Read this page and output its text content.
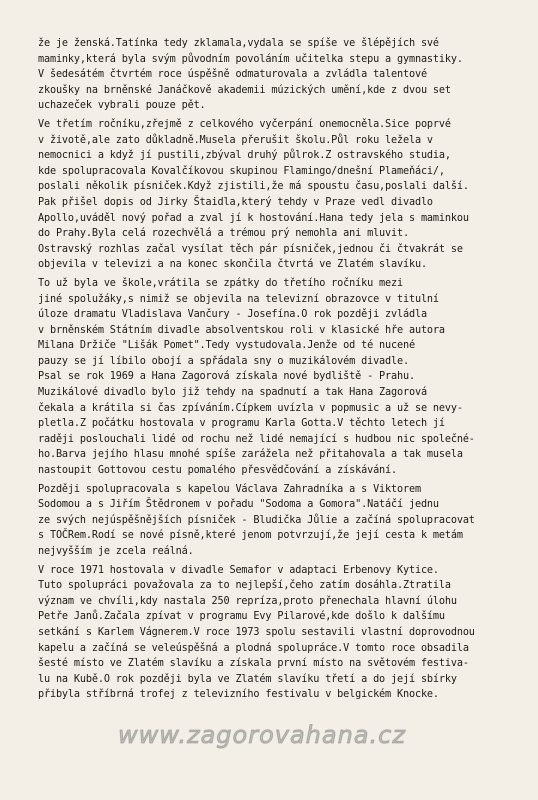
že je ženská.Tatínka tedy zklamala,vydala se spíše ve šlépějích své
maminky,která byla svým původním povoláním učitelka stepu a gymnastiky.
V šedesátém čtvrtém roce úspěšně odmaturovala a zvládla talentové
zkoušky na brněnské Janáčkově akademii múzických umění,kde z dvou set
uchazeček vybrali pouze pět.
Ve třetím ročníku,zřejmě z celkového vyčerpání onemocněla.Sice poprvé
v životě,ale zato důkladně.Musela přerušit školu.Půl roku ležela v
nemocnici a když jí pustili,zbýval druhý půlrok.Z ostravského studia,
kde spolupracovala Kovalčíkovou skupinou Flamingo/dnešní Plameňáci/,
poslali několik písniček.Když zjistili,že má spoustu času,poslali další.
Pak přišel dopis od Jirky Štaidla,který tehdy v Praze vedl divadlo
Apollo,uváděl nový pořad a zval jí k hostování.Hana tedy jela s maminkou
do Prahy.Byla celá rozechvělá a trémou prý nemohla ani mluvit.
Ostravský rozhlas začal vysílat těch pár písniček,jednou či čtvakrát se
objevila v televizi a na konec skončila čtvrtá ve Zlatém slavíku.
To už byla ve škole,vrátila se zpátky do třetího ročníku mezi
jiné spolužáky,s nimiž se objevila na televizní obrazovce v titulní
úloze dramatu Vladislava Vančury - Josefína.O rok později zvládla
v brněnském Státním divadle absolventskou roli v klasické hře autora
Milana Držiče "Lišák Pomet".Tedy vystudovala.Jenže od té nucené
pauzy se jí líbilo obojí a spřádala sny o muzikálovém divadle.
Psal se rok 1969 a Hana Zagorová získala nové bydliště - Prahu.
Muzikálové divadlo bylo již tehdy na spadnutí a tak Hana Zagorová
čekala a krátila si čas zpíváním.Cípkem uvízla v popmusic a už se nevy-
pletla.Z počátku hostovala v programu Karla Gotta.V těchto letech jí
raději poslouchali lidé od rochu než lidé nemající s hudbou nic společné-
ho.Barva jejího hlasu mnohé spíše zarážela než přitahovala a tak musela
nastoupit Gottovou cestu pomalého přesvědčování a získávání.
Později spolupracovala s kapelou Václava Zahradníka a s Viktorem
Sodomou a s Jiřím Štědronem v pořadu "Sodoma a Gomora".Natáčí jednu
ze svých nejúspěšnějších písniček - Bludička Jůlie a začíná spolupracovat
s TOČRem.Rodí se nové písně,které jenom potvrzují,že její cesta k metám
nejvyšším je zcela reálná.
V roce 1971 hostovala v divadle Semafor v adaptaci Erbenovy Kytice.
Tuto spolupráci považovala za to nejlepší,čeho zatím dosáhla.Ztratila
význam ve chvíli,kdy nastala 250 repríza,proto přenechala hlavní úlohu
Petře Janů.Začala zpívat v programu Evy Pilarové,kde došlo k dalšímu
setkání s Karlem Vágnerem.V roce 1973 spolu sestavili vlastní doprovodnou
kapelu a začíná se veleúspěšná a plodná spolupráce.V tomto roce obsadila
šesté místo ve Zlatém slavíku a získala první místo na světovém festiva-
lu na Kubě.O rok později byla ve Zlatém slavíku třetí a do její sbírky
přibyla stříbrná trofej z televizního festivalu v belgickém Knocke.
www.zagorovahana.cz
